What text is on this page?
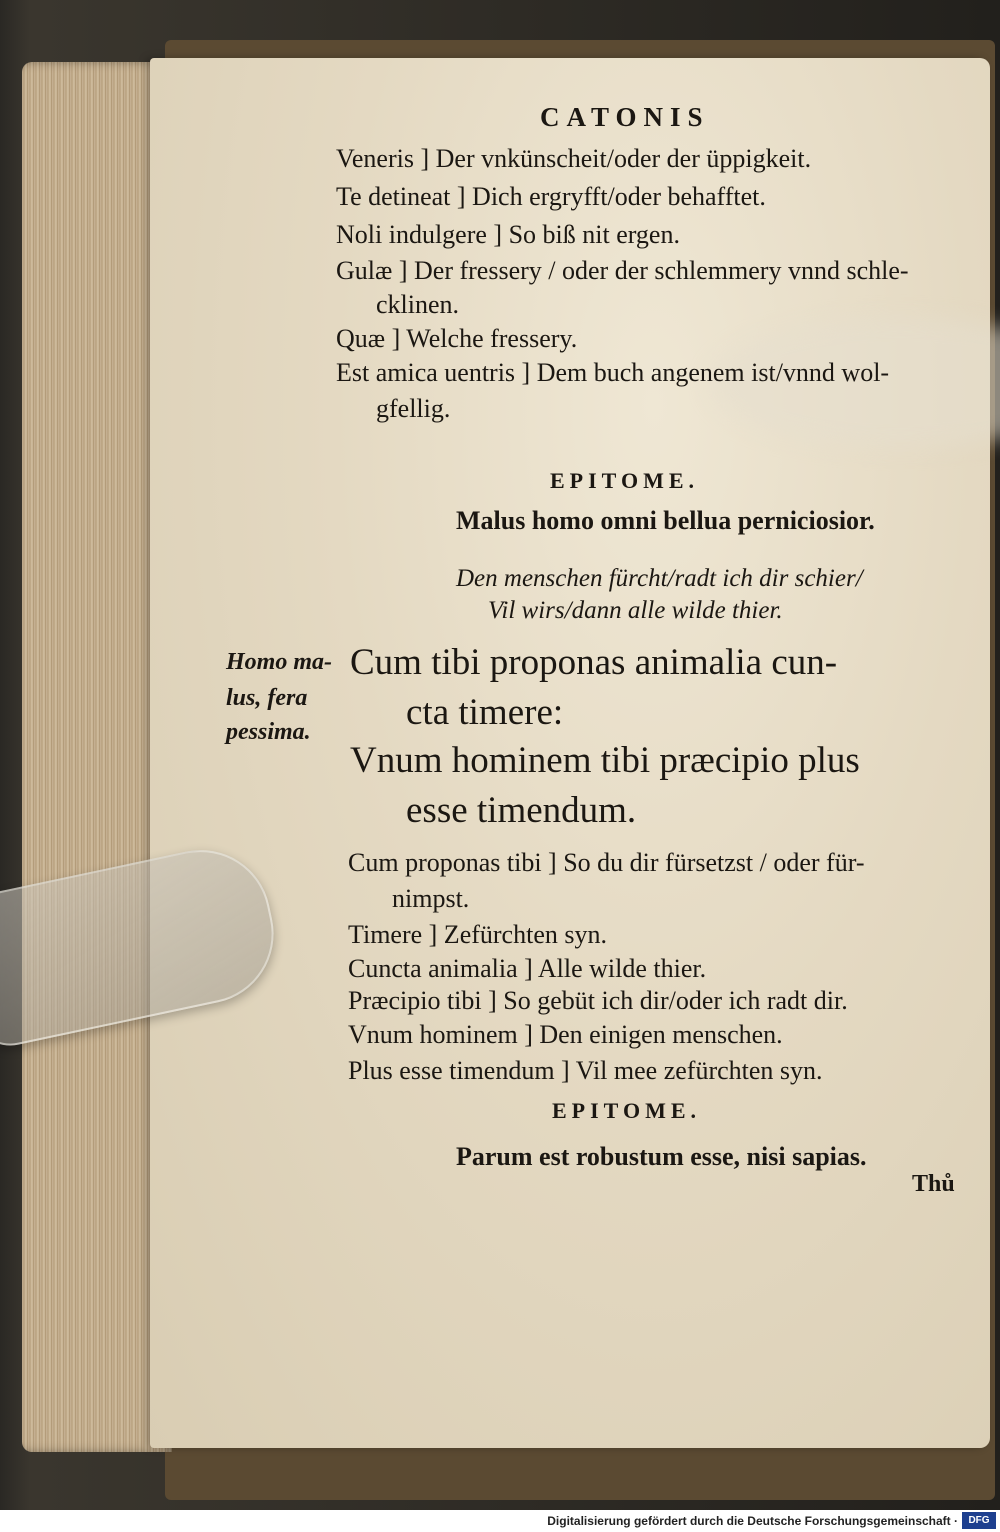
CATONIS

Veneris ] Der vnkünscheit/oder der üppigkeit.

Te detineat ] Dich ergryfft/oder behafftet.

Noli indulgere ] So biß nit ergen.

Gulæ ] Der fressery / oder der schlemmery vnnd schle-

cklinen.

Quæ ] Welche fressery.

Est amica uentris ] Dem buch angenem ist/vnnd wol-

gfellig.

EPITOME.

Malus homo omni bellua perniciosior.

Den menschen fürcht/radt ich dir schier/

Vil wirs/dann alle wilde thier.

Homo ma-

lus, fera

pessima.

Cum tibi proponas animalia cun-

cta timere:

Vnum hominem tibi præcipio plus

esse timendum.

Cum proponas tibi ] So du dir fürsetzst / oder für-

nimpst.

Timere ] Zefürchten syn.

Cuncta animalia ] Alle wilde thier.

Præcipio tibi ] So gebüt ich dir/oder ich radt dir.

Vnum hominem ] Den einigen menschen.

Plus esse timendum ] Vil mee zefürchten syn.

EPITOME.

Parum est robustum esse, nisi sapias.

Thů

Digitalisierung gefördert durch die Deutsche Forschungsgemeinschaft ·	DFG
